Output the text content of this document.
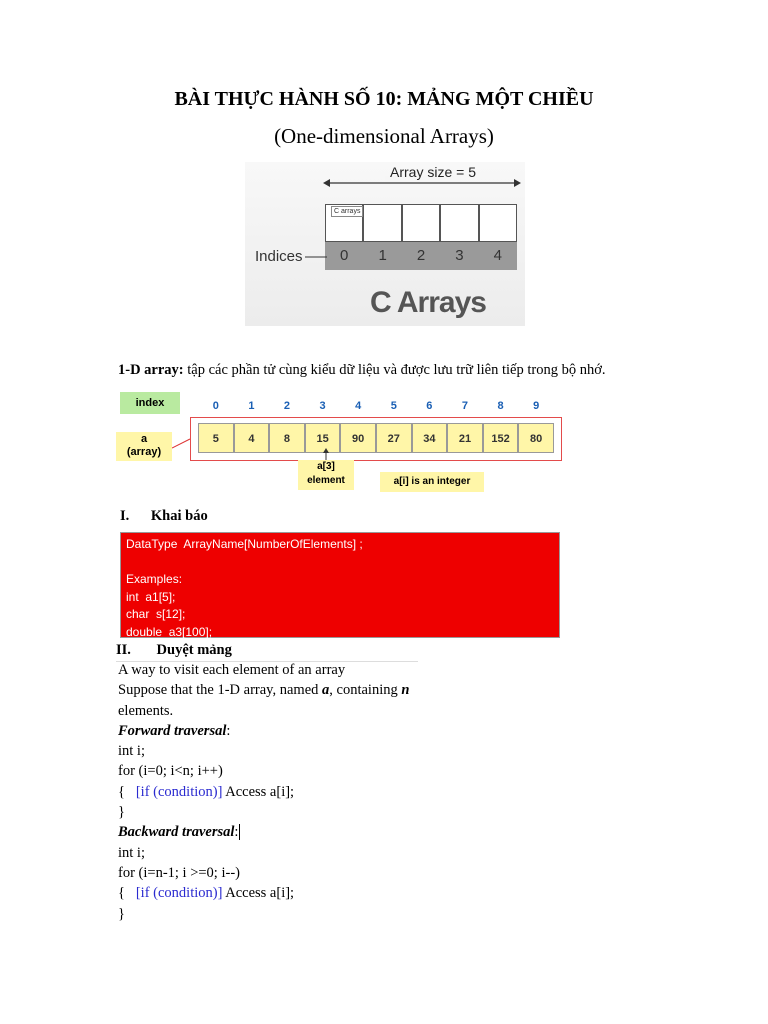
BÀI THỰC HÀNH SỐ 10: MẢNG MỘT CHIỀU
(One-dimensional Arrays)
Array size = 5
C arrays
0	1	2	3	4
Indices
C Arrays
1-D array: tập các phần tử cùng kiểu dữ liệu và được lưu trữ liên tiếp trong bộ nhớ.
index
a
(array)
0	1	2	3	4	5	6	7	8	9
5	4	8	15	90	27	34	21	152	80
a[3]
element	a[i] is an integer
I. Khai báo
DataType  ArrayName[NumberOfElements] ;
Examples:
int  a1[5];
char  s[12];
double  a3[100];
II. Duyệt mảng
A way to visit each element of an array
Suppose that the 1-D array, named a, containing n
elements.
Forward traversal:
int i;
for (i=0; i<n; i++)
{ [if (condition)] Access a[i];
}
Backward traversal:
int i;
for (i=n-1; i >=0; i--)
{ [if (condition)] Access a[i];
}
